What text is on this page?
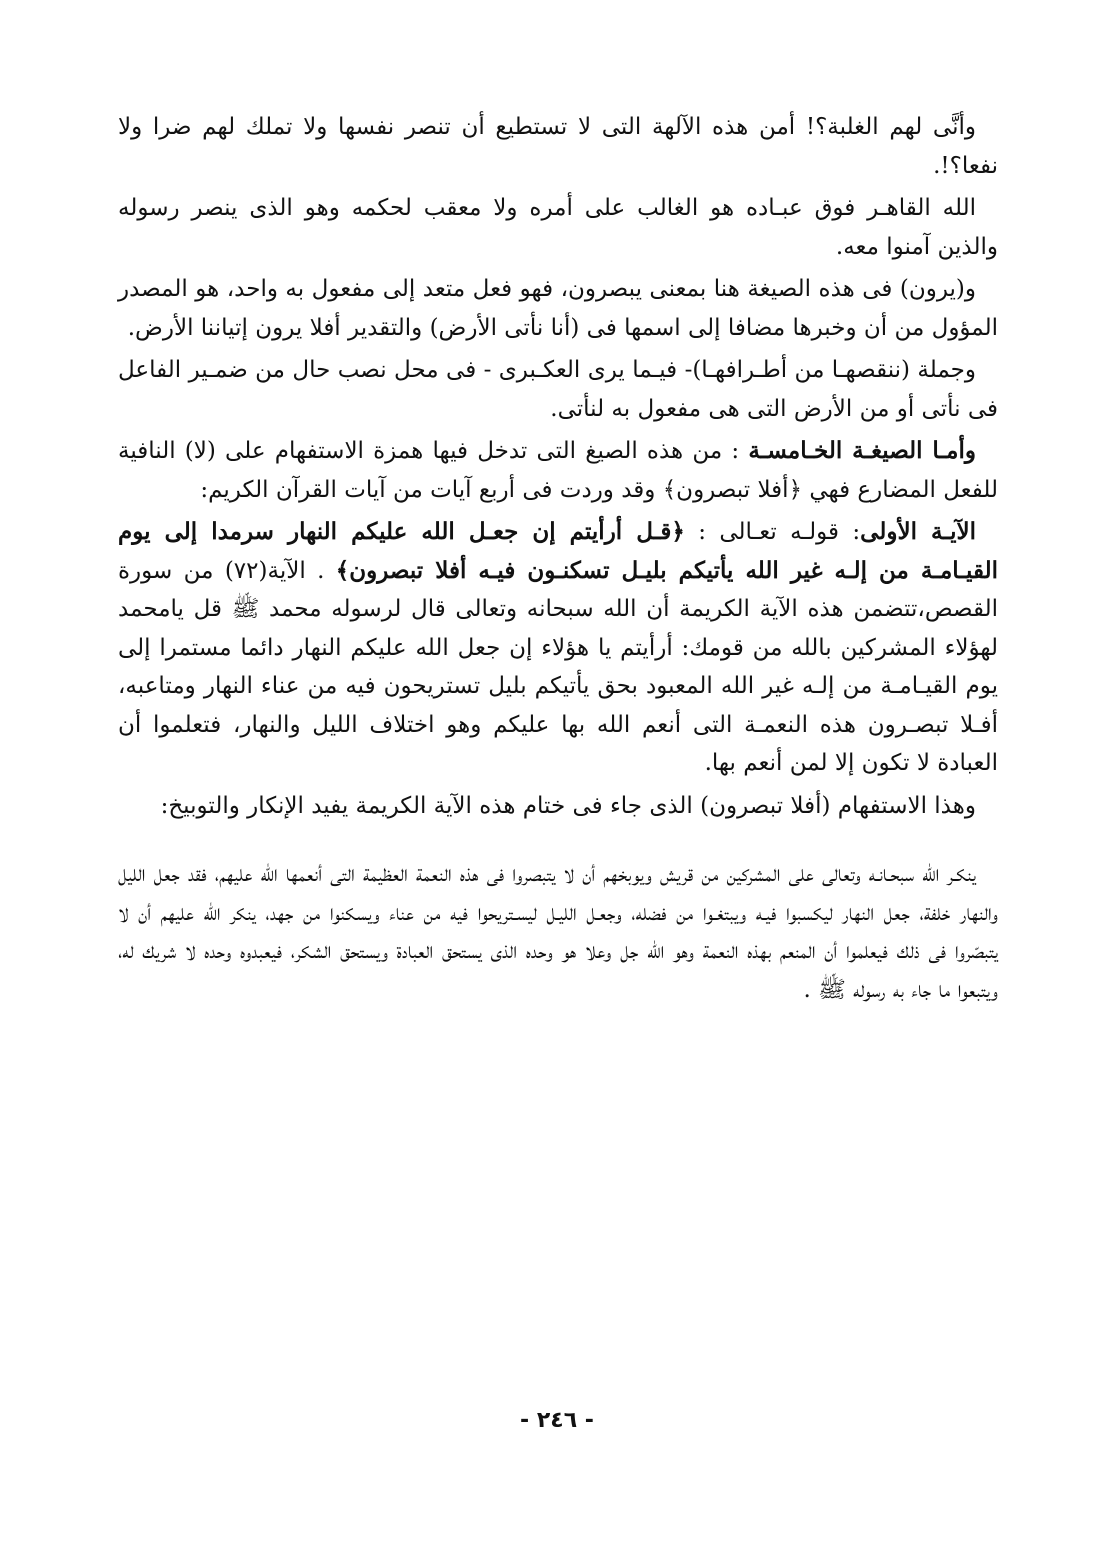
وأنَّى لهم الغلبة؟! أمن هذه الآلهة التى لا تستطيع أن تنصر نفسها ولا تملك لهم ضرا ولا نفعا؟!.

الله القاهـر فوق عبـاده هو الغالب على أمره ولا معقب لحكمه وهو الذى ينصر رسوله والذين آمنوا معه.

و(يرون) فى هذه الصيغة هنا بمعنى يبصرون، فهو فعل متعد إلى مفعول به واحد، هو المصدر المؤول من أن وخبرها مضافا إلى اسمها فى (أنا نأتى الأرض) والتقدير أفلا يرون إتياننا الأرض.

وجملة (ننقصهـا من أطـرافهـا)- فيـما يرى العكـبرى - فى محل نصب حال من ضمـير الفاعل فى نأتى أو من الأرض التى هى مفعول به لنأتى.

وأمـا الصيغـة الخـامسـة : من هذه الصيغ التى تدخل فيها همزة الاستفهام على (لا) النافية للفعل المضارع فهي ﴿أفلا تبصرون﴾ وقد وردت فى أربع آيات من آيات القرآن الكريم:

الآيـة الأولى: قولـه تعـالى : ﴿قـل أرأيتم إن جعـل الله عليكم النهار سرمدا إلى يوم القيـامـة من إلـه غير الله يأتيكم بليـل تسكنـون فيـه أفلا تبصرون﴾ . الآية(٧٢) من سورة القصص،تتضمن هذه الآية الكريمة أن الله سبحانه وتعالى قال لرسوله محمد ﷺ قل يامحمد لهؤلاء المشركين بالله من قومك: أرأيتم يا هؤلاء إن جعل الله عليكم النهار دائما مستمرا إلى يوم القيـامـة من إلـه غير الله المعبود بحق يأتيكم بليل تستريحون فيه من عناء النهار ومتاعبه، أفـلا تبصـرون هذه النعمـة التى أنعم الله بها عليكم وهو اختلاف الليل والنهار، فتعلموا أن العبادة لا تكون إلا لمن أنعم بها.

وهذا الاستفهام (أفلا تبصرون) الذى جاء فى ختام هذه الآية الكريمة يفيد الإنكار والتوبيخ:

ينكـر الله سبحـانـه وتعالى على المشركين من قريش ويوبخهم أن لا يتبصروا فى هذه النعمة العظيمة التى أنعمها الله عليهم، فقد جعل الليل والنهار خلفة، جعل النهار ليكسبوا فيـه ويبتغـوا من فضله، وجعـل الليـل ليسـتريحوا فيه من عناء ويسكنوا من جهد، ينكر الله عليهم أن لا يتبصّروا فى ذلك فيعلموا أن المنعم بهذه النعمة وهو الله جل وعلا هو وحده الذى يستحق العبادة ويستحق الشكر، فيعبدوه وحده لا شريك له، ويتبعوا ما جاء به رسوله ﷺ .

- ٢٤٦ -
